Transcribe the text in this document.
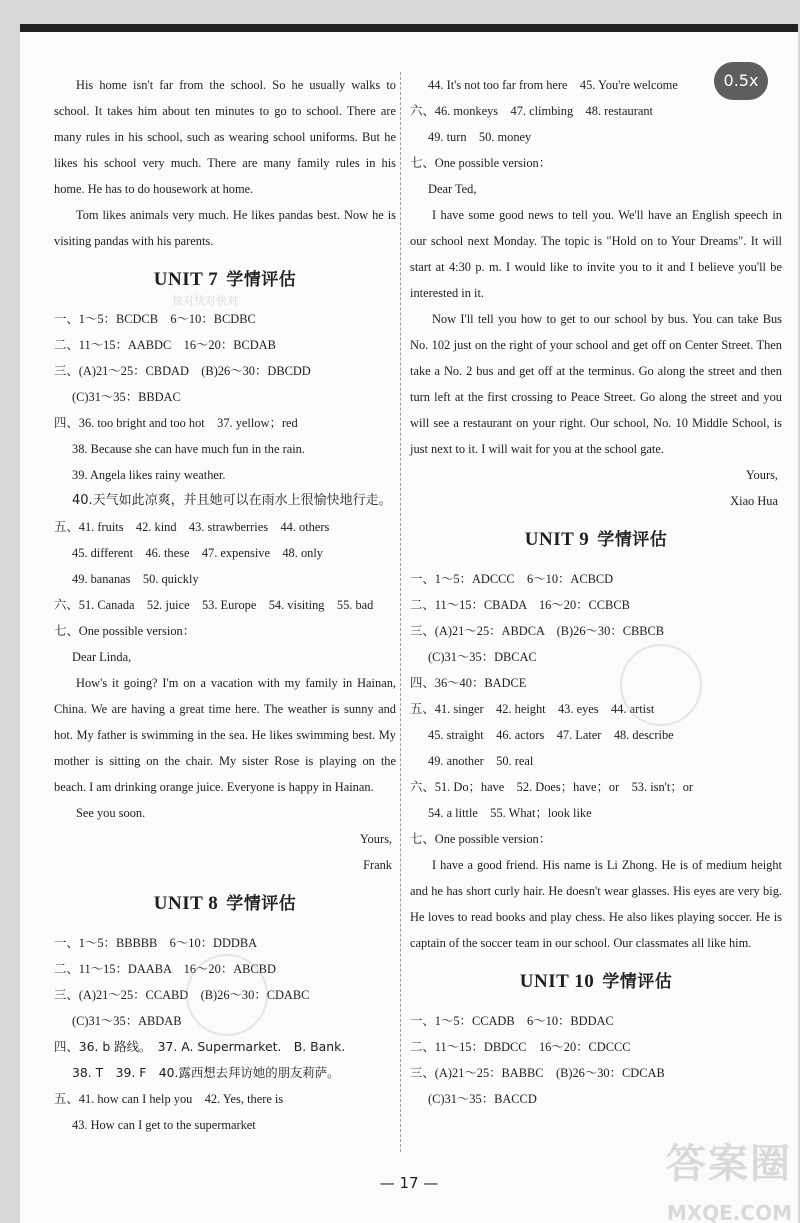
His home isn't far from the school. So he usually walks to school. It takes him about ten minutes to go to school. There are many rules in his school, such as wearing school uniforms. But he likes his school very much. There are many family rules in his home. He has to do housework at home.

Tom likes animals very much. He likes pandas best. Now he is visiting pandas with his parents.

UNIT 7 学情评估
一、1～5：BCDCB　6～10：BCDBC
二、11～15：AABDC　16～20：BCDAB
三、(A)21～25：CBDAD　(B)26～30：DBCDD
(C)31～35：BBDAC
四、36. too bright and too hot　37. yellow；red
38. Because she can have much fun in the rain.
39. Angela likes rainy weather.
40.天气如此凉爽，并且她可以在雨水上很愉快地行走。
五、41. fruits　42. kind　43. strawberries　44. others
45. different　46. these　47. expensive　48. only
49. bananas　50. quickly
六、51. Canada　52. juice　53. Europe　54. visiting　55. bad
七、One possible version：
Dear Linda,

How's it going? I'm on a vacation with my family in Hainan, China. We are having a great time here. The weather is sunny and hot. My father is swimming in the sea. He likes swimming best. My mother is sitting on the chair. My sister Rose is playing on the beach. I am drinking orange juice. Everyone is happy in Hainan.

See you soon.
Yours,
Frank
UNIT 8 学情评估
一、1～5：BBBBB　6～10：DDDBA
二、11～15：DAABA　16～20：ABCBD
三、(A)21～25：CCABD　(B)26～30：CDABC
(C)31～35：ABDAB
四、36. b 路线。　37. A. Supermarket.　B. Bank.
38. T　39. F　40.露西想去拜访她的朋友莉萨。
五、41. how can I help you　42. Yes, there is
43. How can I get to the supermarket
44. It's not too far from here　45. You're welcome
六、46. monkeys　47. climbing　48. restaurant
49. turn　50. money
七、One possible version：
Dear Ted,

I have some good news to tell you. We'll have an English speech in our school next Monday. The topic is "Hold on to Your Dreams". It will start at 4:30 p. m. I would like to invite you to it and I believe you'll be interested in it.

Now I'll tell you how to get to our school by bus. You can take Bus No. 102 just on the right of your school and get off on Center Street. Then take a No. 2 bus and get off at the terminus. Go along the street and then turn left at the first crossing to Peace Street. Go along the street and you will see a restaurant on your right. Our school, No. 10 Middle School, is just next to it. I will wait for you at the school gate.

Yours,
Xiao Hua
UNIT 9 学情评估
一、1～5：ADCCC　6～10：ACBCD
二、11～15：CBADA　16～20：CCBCB
三、(A)21～25：ABDCA　(B)26～30：CBBCB
(C)31～35：DBCAC
四、36～40：BADCE
五、41. singer　42. height　43. eyes　44. artist
45. straight　46. actors　47. Later　48. describe
49. another　50. real
六、51. Do；have　52. Does；have；or　53. isn't；or
54. a little　55. What；look like
七、One possible version：

I have a good friend. His name is Li Zhong. He is of medium height and he has short curly hair. He doesn't wear glasses. His eyes are very big. He loves to read books and play chess. He also likes playing soccer. He is captain of the soccer team in our school. Our classmates all like him.

UNIT 10 学情评估
一、1～5：CCADB　6～10：BDDAC
二、11～15：DBDCC　16～20：CDCCC
三、(A)21～25：BABBC　(B)26～30：CDCAB
(C)31～35：BACCD
快对快对快对
— 17 —	答案圈
MXQE.COM
0.5x
